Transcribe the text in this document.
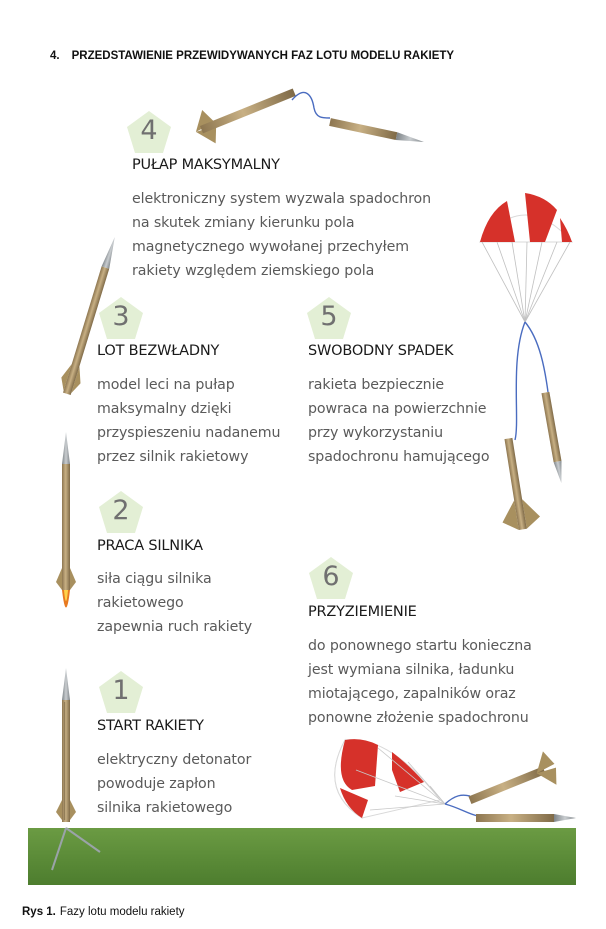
4. PRZEDSTAWIENIE PRZEWIDYWANYCH FAZ LOTU MODELU RAKIETY
4
PUŁAP MAKSYMALNY
elektroniczny system wyzwala spadochron
na skutek zmiany kierunku pola
magnetycznego wywołanej przechyłem
rakiety względem ziemskiego pola
3
LOT BEZWŁADNY
model leci na pułap
maksymalny dzięki
przyspieszeniu nadanemu
przez silnik rakietowy
5
SWOBODNY SPADEK
rakieta bezpiecznie
powraca na powierzchnie
przy wykorzystaniu
spadochronu hamującego
2
PRACA SILNIKA
siła ciągu silnika
rakietowego
zapewnia ruch rakiety
6
PRZYZIEMIENIE
do ponownego startu konieczna
jest wymiana silnika, ładunku
miotającego, zapalników oraz
ponowne złożenie spadochronu
1
START RAKIETY
elektryczny detonator
powoduje zapłon
silnika rakietowego
Rys 1. Fazy lotu modelu rakiety
